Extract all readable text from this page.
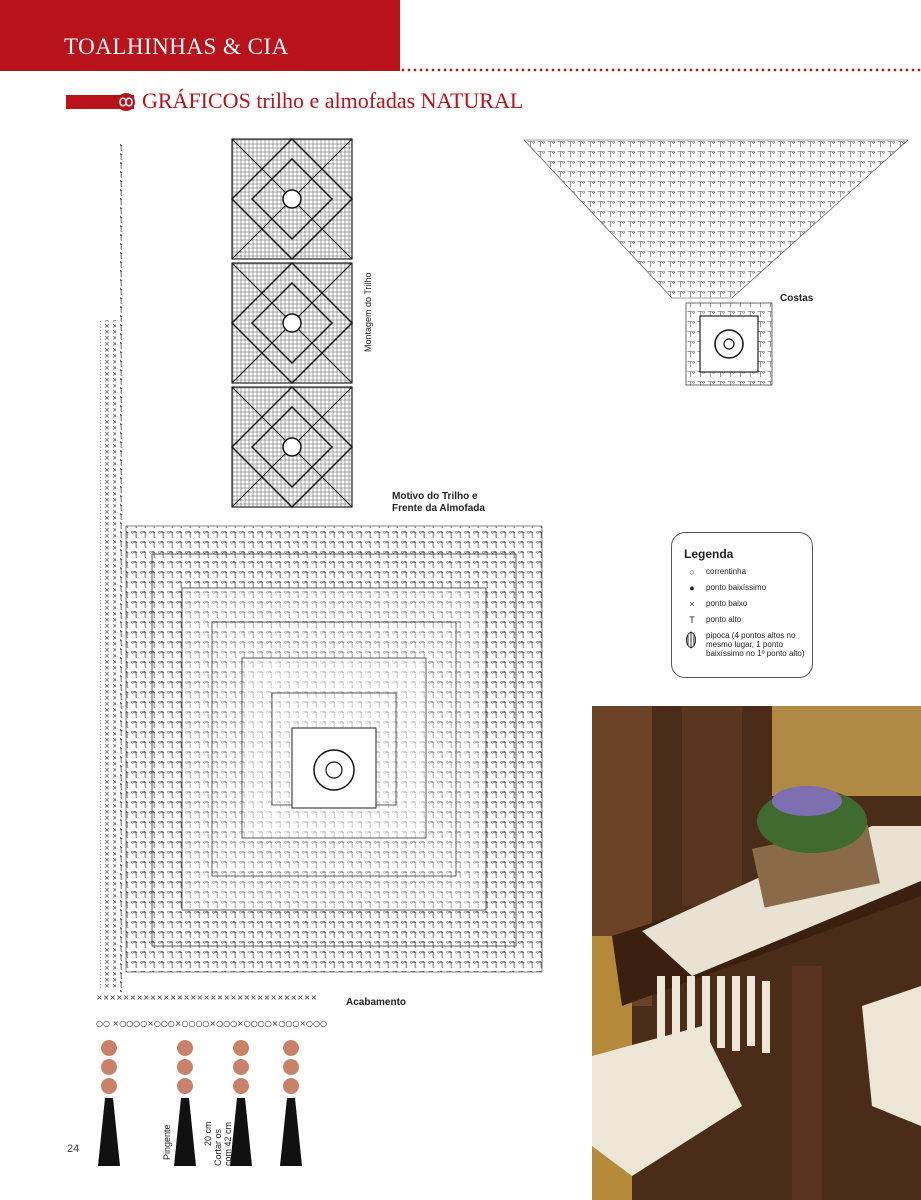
TOALHINHAS & CIA
GRÁFICOS trilho e almofadas NATURAL
Montagem do Trilho
Motivo do Trilho e
Frente da Almofada
Costas
×××××××××××××××××××××××××××××××××
○○ ×○○○○×○○○×○○○○×○○○×○○○○×○○○×○○○
Acabamento
Pingente	20 cm Cortar os com 42 cm
Legenda
○	correntinha
●	ponto baixíssimo
×	ponto baixo
T	ponto alto
pipoca (4 pontos altos no mesmo lugar, 1 ponto baixíssimo no 1º ponto alto)
24
